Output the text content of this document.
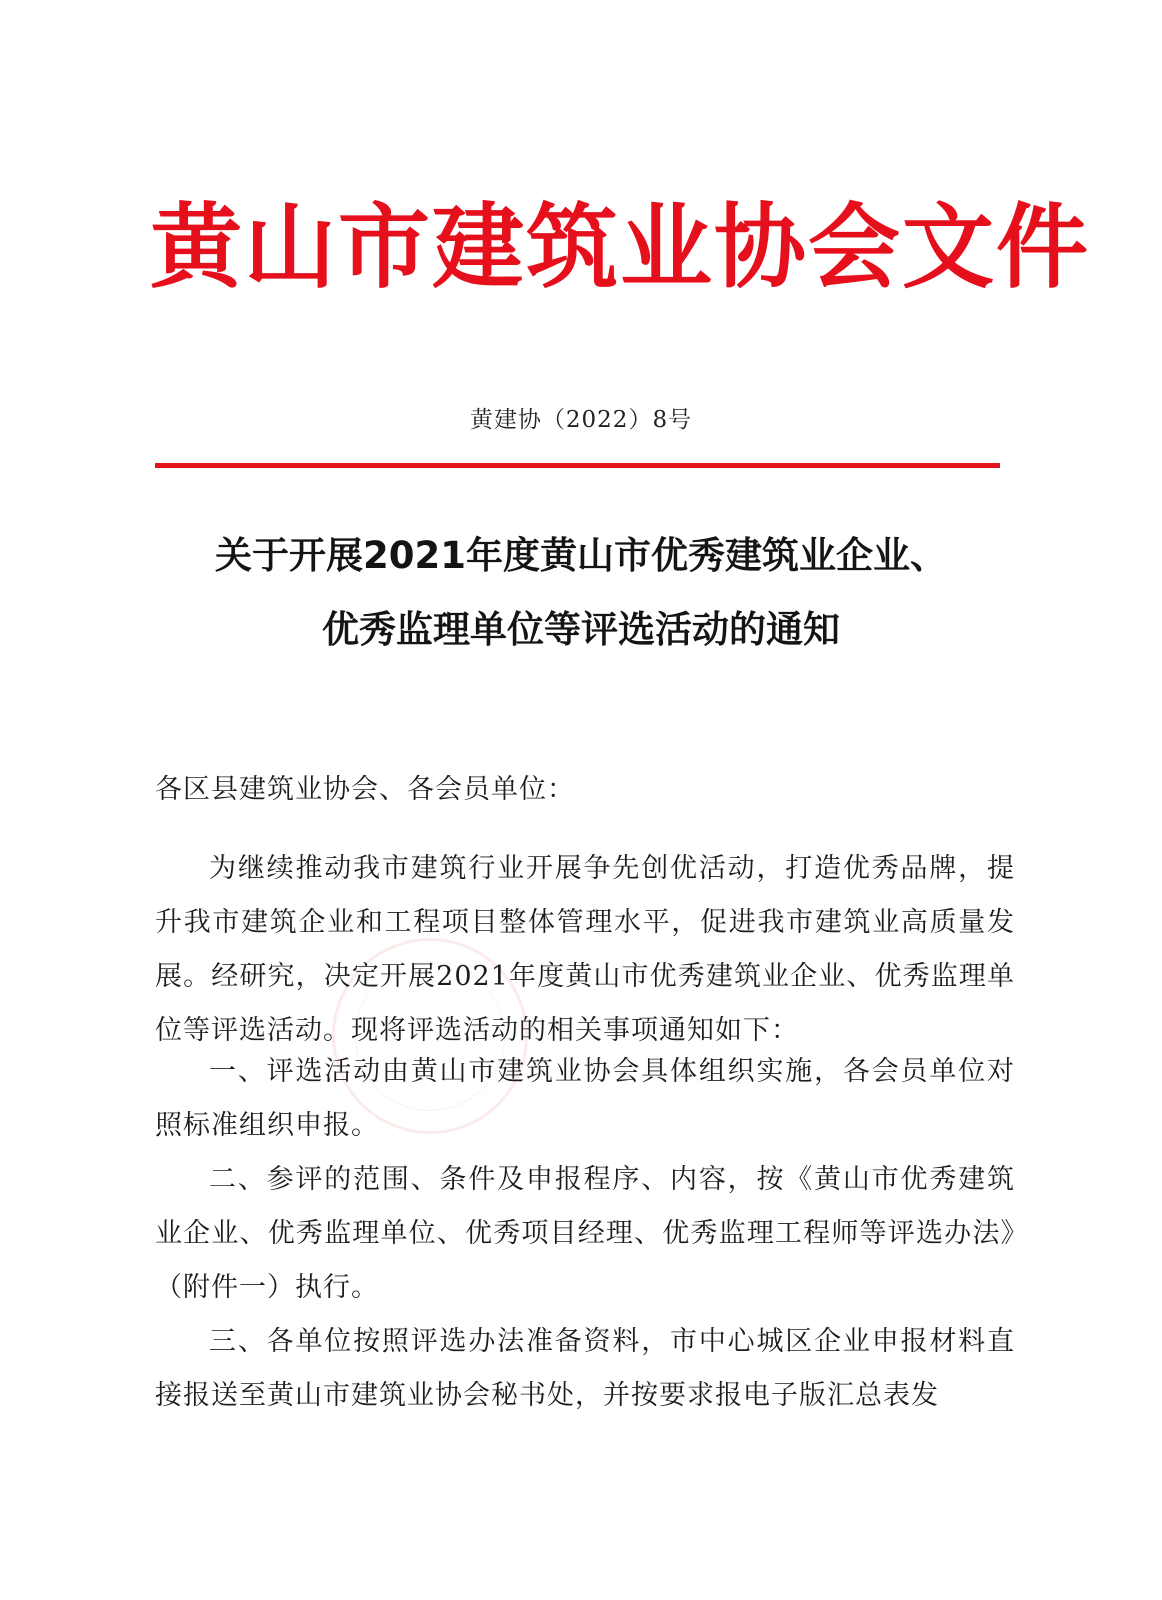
黄山市建筑业协会文件
黄建协（2022）8号
关于开展2021年度黄山市优秀建筑业企业、
优秀监理单位等评选活动的通知
各区县建筑业协会、各会员单位：
为继续推动我市建筑行业开展争先创优活动，打造优秀品牌，提升我市建筑企业和工程项目整体管理水平，促进我市建筑业高质量发展。经研究，决定开展2021年度黄山市优秀建筑业企业、优秀监理单位等评选活动。现将评选活动的相关事项通知如下：
一、评选活动由黄山市建筑业协会具体组织实施，各会员单位对照标准组织申报。
二、参评的范围、条件及申报程序、内容，按《黄山市优秀建筑业企业、优秀监理单位、优秀项目经理、优秀监理工程师等评选办法》（附件一）执行。
三、各单位按照评选办法准备资料，市中心城区企业申报材料直接报送至黄山市建筑业协会秘书处，并按要求报电子版汇总表发
